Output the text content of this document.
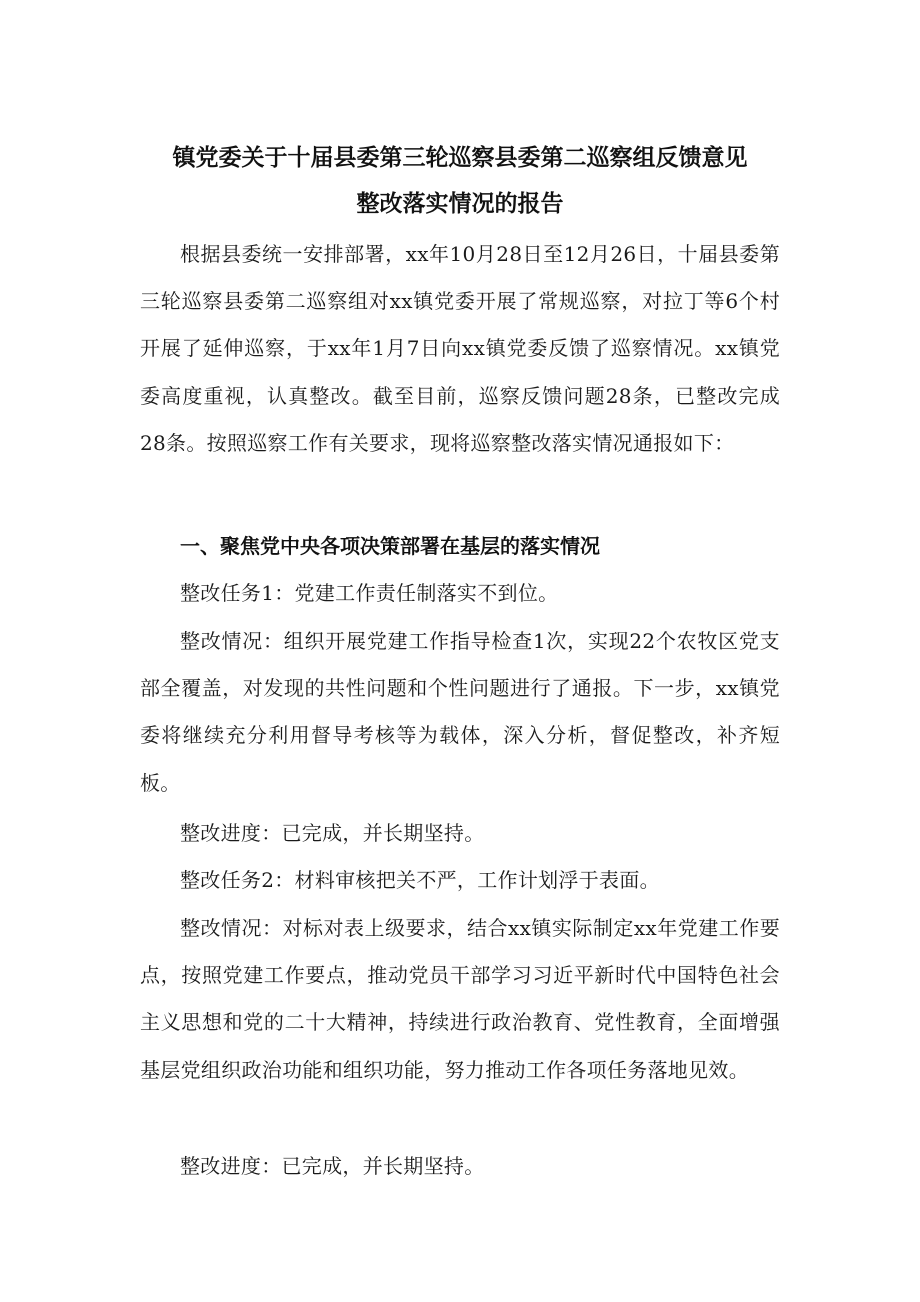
镇党委关于十届县委第三轮巡察县委第二巡察组反馈意见
整改落实情况的报告

根据县委统一安排部署，xx年10月28日至12月26日，十届县委第三轮巡察县委第二巡察组对xx镇党委开展了常规巡察，对拉丁等6个村开展了延伸巡察，于xx年1月7日向xx镇党委反馈了巡察情况。xx镇党委高度重视，认真整改。截至目前，巡察反馈问题28条，已整改完成28条。按照巡察工作有关要求，现将巡察整改落实情况通报如下：

一、聚焦党中央各项决策部署在基层的落实情况

整改任务1：党建工作责任制落实不到位。

整改情况：组织开展党建工作指导检查1次，实现22个农牧区党支部全覆盖，对发现的共性问题和个性问题进行了通报。下一步，xx镇党委将继续充分利用督导考核等为载体，深入分析，督促整改，补齐短板。

整改进度：已完成，并长期坚持。

整改任务2：材料审核把关不严，工作计划浮于表面。

整改情况：对标对表上级要求，结合xx镇实际制定xx年党建工作要点，按照党建工作要点，推动党员干部学习习近平新时代中国特色社会主义思想和党的二十大精神，持续进行政治教育、党性教育，全面增强基层党组织政治功能和组织功能，努力推动工作各项任务落地见效。

整改进度：已完成，并长期坚持。
